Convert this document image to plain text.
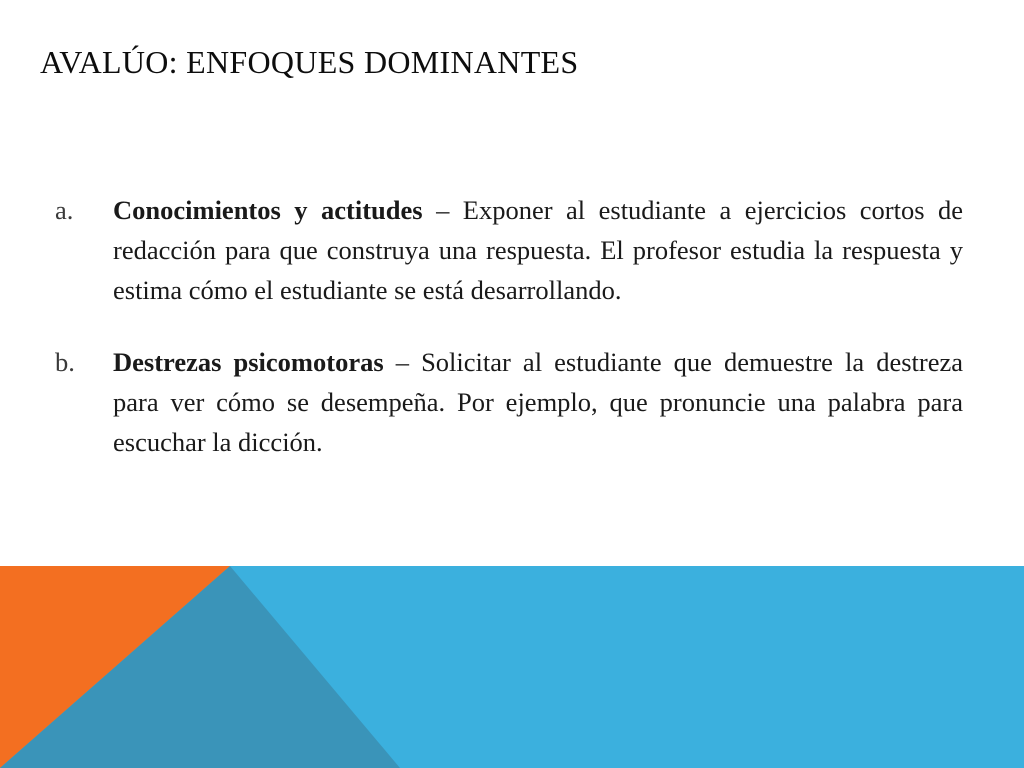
AVALÚO: ENFOQUES DOMINANTES
a. Conocimientos y actitudes – Exponer al estudiante a ejercicios cortos de redacción para que construya una respuesta. El profesor estudia la respuesta y estima cómo el estudiante se está desarrollando.
b. Destrezas psicomotoras – Solicitar al estudiante que demuestre la destreza para ver cómo se desempeña. Por ejemplo, que pronuncie una palabra para escuchar la dicción.
